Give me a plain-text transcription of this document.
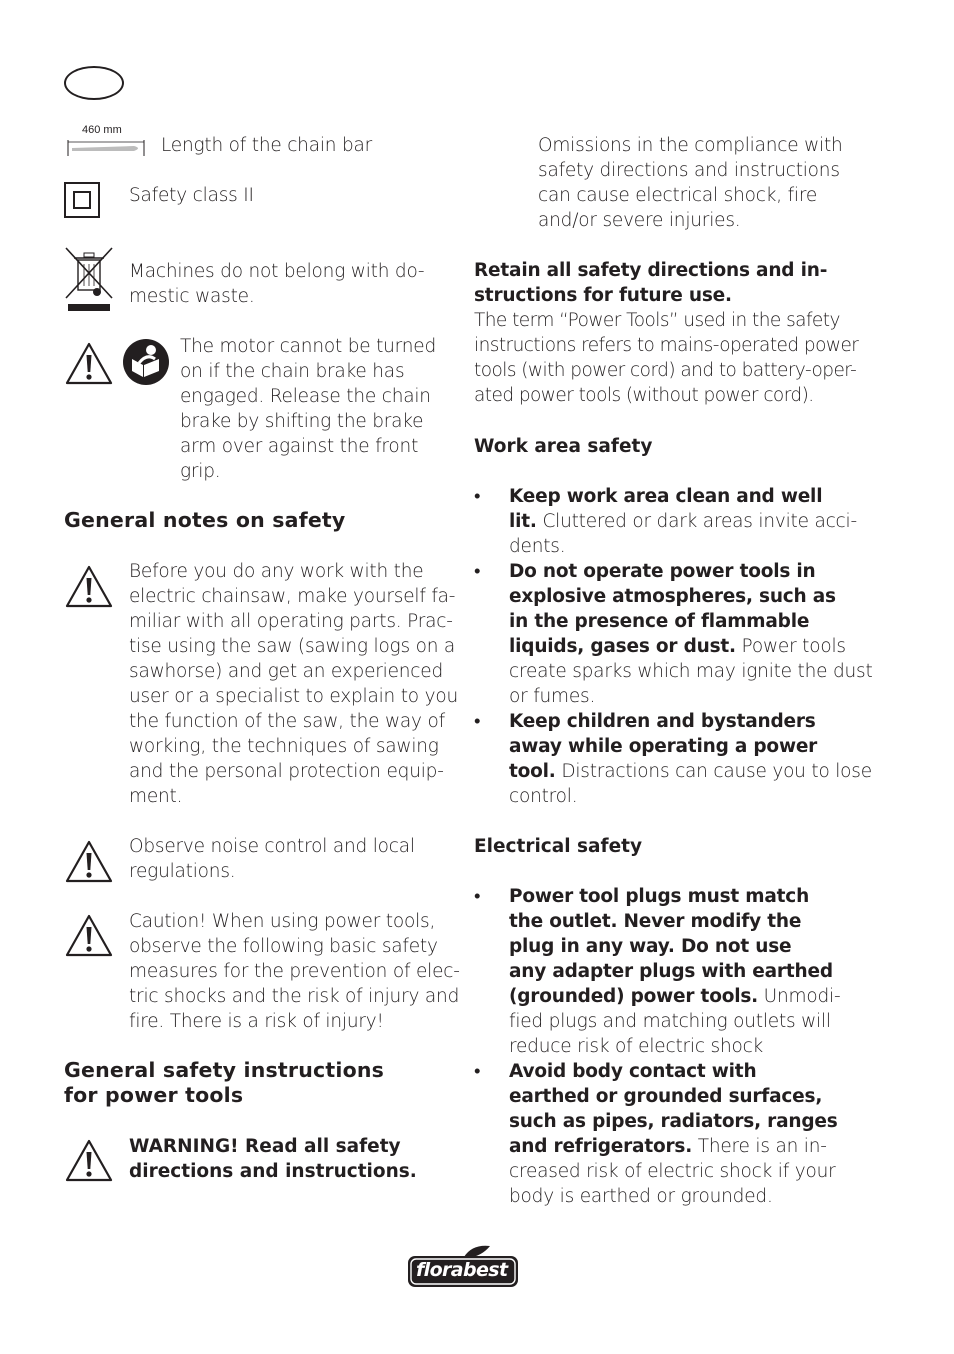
460 mm
Length of the chain bar
Safety class II
Machines do not belong with do-
mestic waste.
The motor cannot be turned
on if the chain brake has
engaged. Release the chain
brake by shifting the brake
arm over against the front
grip.
General notes on safety
Before you do any work with the
electric chainsaw, make yourself fa-
miliar with all operating parts. Prac-
tise using the saw (sawing logs on a
sawhorse) and get an experienced
user or a specialist to explain to you
the function of the saw, the way of
working, the techniques of sawing
and the personal protection equip-
ment.
Observe noise control and local
regulations.
Caution! When using power tools,
observe the following basic safety
measures for the prevention of elec-
tric shocks and the risk of injury and
fire. There is a risk of injury!
General safety instructions
for power tools
WARNING! Read all safety
directions and instructions.
Omissions in the compliance with
safety directions and instructions
can cause electrical shock, fire
and/or severe injuries.
Retain all safety directions and in-
structions for future use.
The term “Power Tools” used in the safety
instructions refers to mains-operated power
tools (with power cord) and to battery-oper-
ated power tools (without power cord).
Work area safety
• Keep work area clean and well
lit. Cluttered or dark areas invite acci-
dents.
• Do not operate power tools in
explosive atmospheres, such as
in the presence of flammable
liquids, gases or dust. Power tools
create sparks which may ignite the dust
or fumes.
• Keep children and bystanders
away while operating a power
tool. Distractions can cause you to lose
control.
Electrical safety
• Power tool plugs must match
the outlet. Never modify the
plug in any way. Do not use
any adapter plugs with earthed
(grounded) power tools. Unmodi-
fied plugs and matching outlets will
reduce risk of electric shock
• Avoid body contact with
earthed or grounded surfaces,
such as pipes, radiators, ranges
and refrigerators. There is an in-
creased risk of electric shock if your
body is earthed or grounded.
florabest
